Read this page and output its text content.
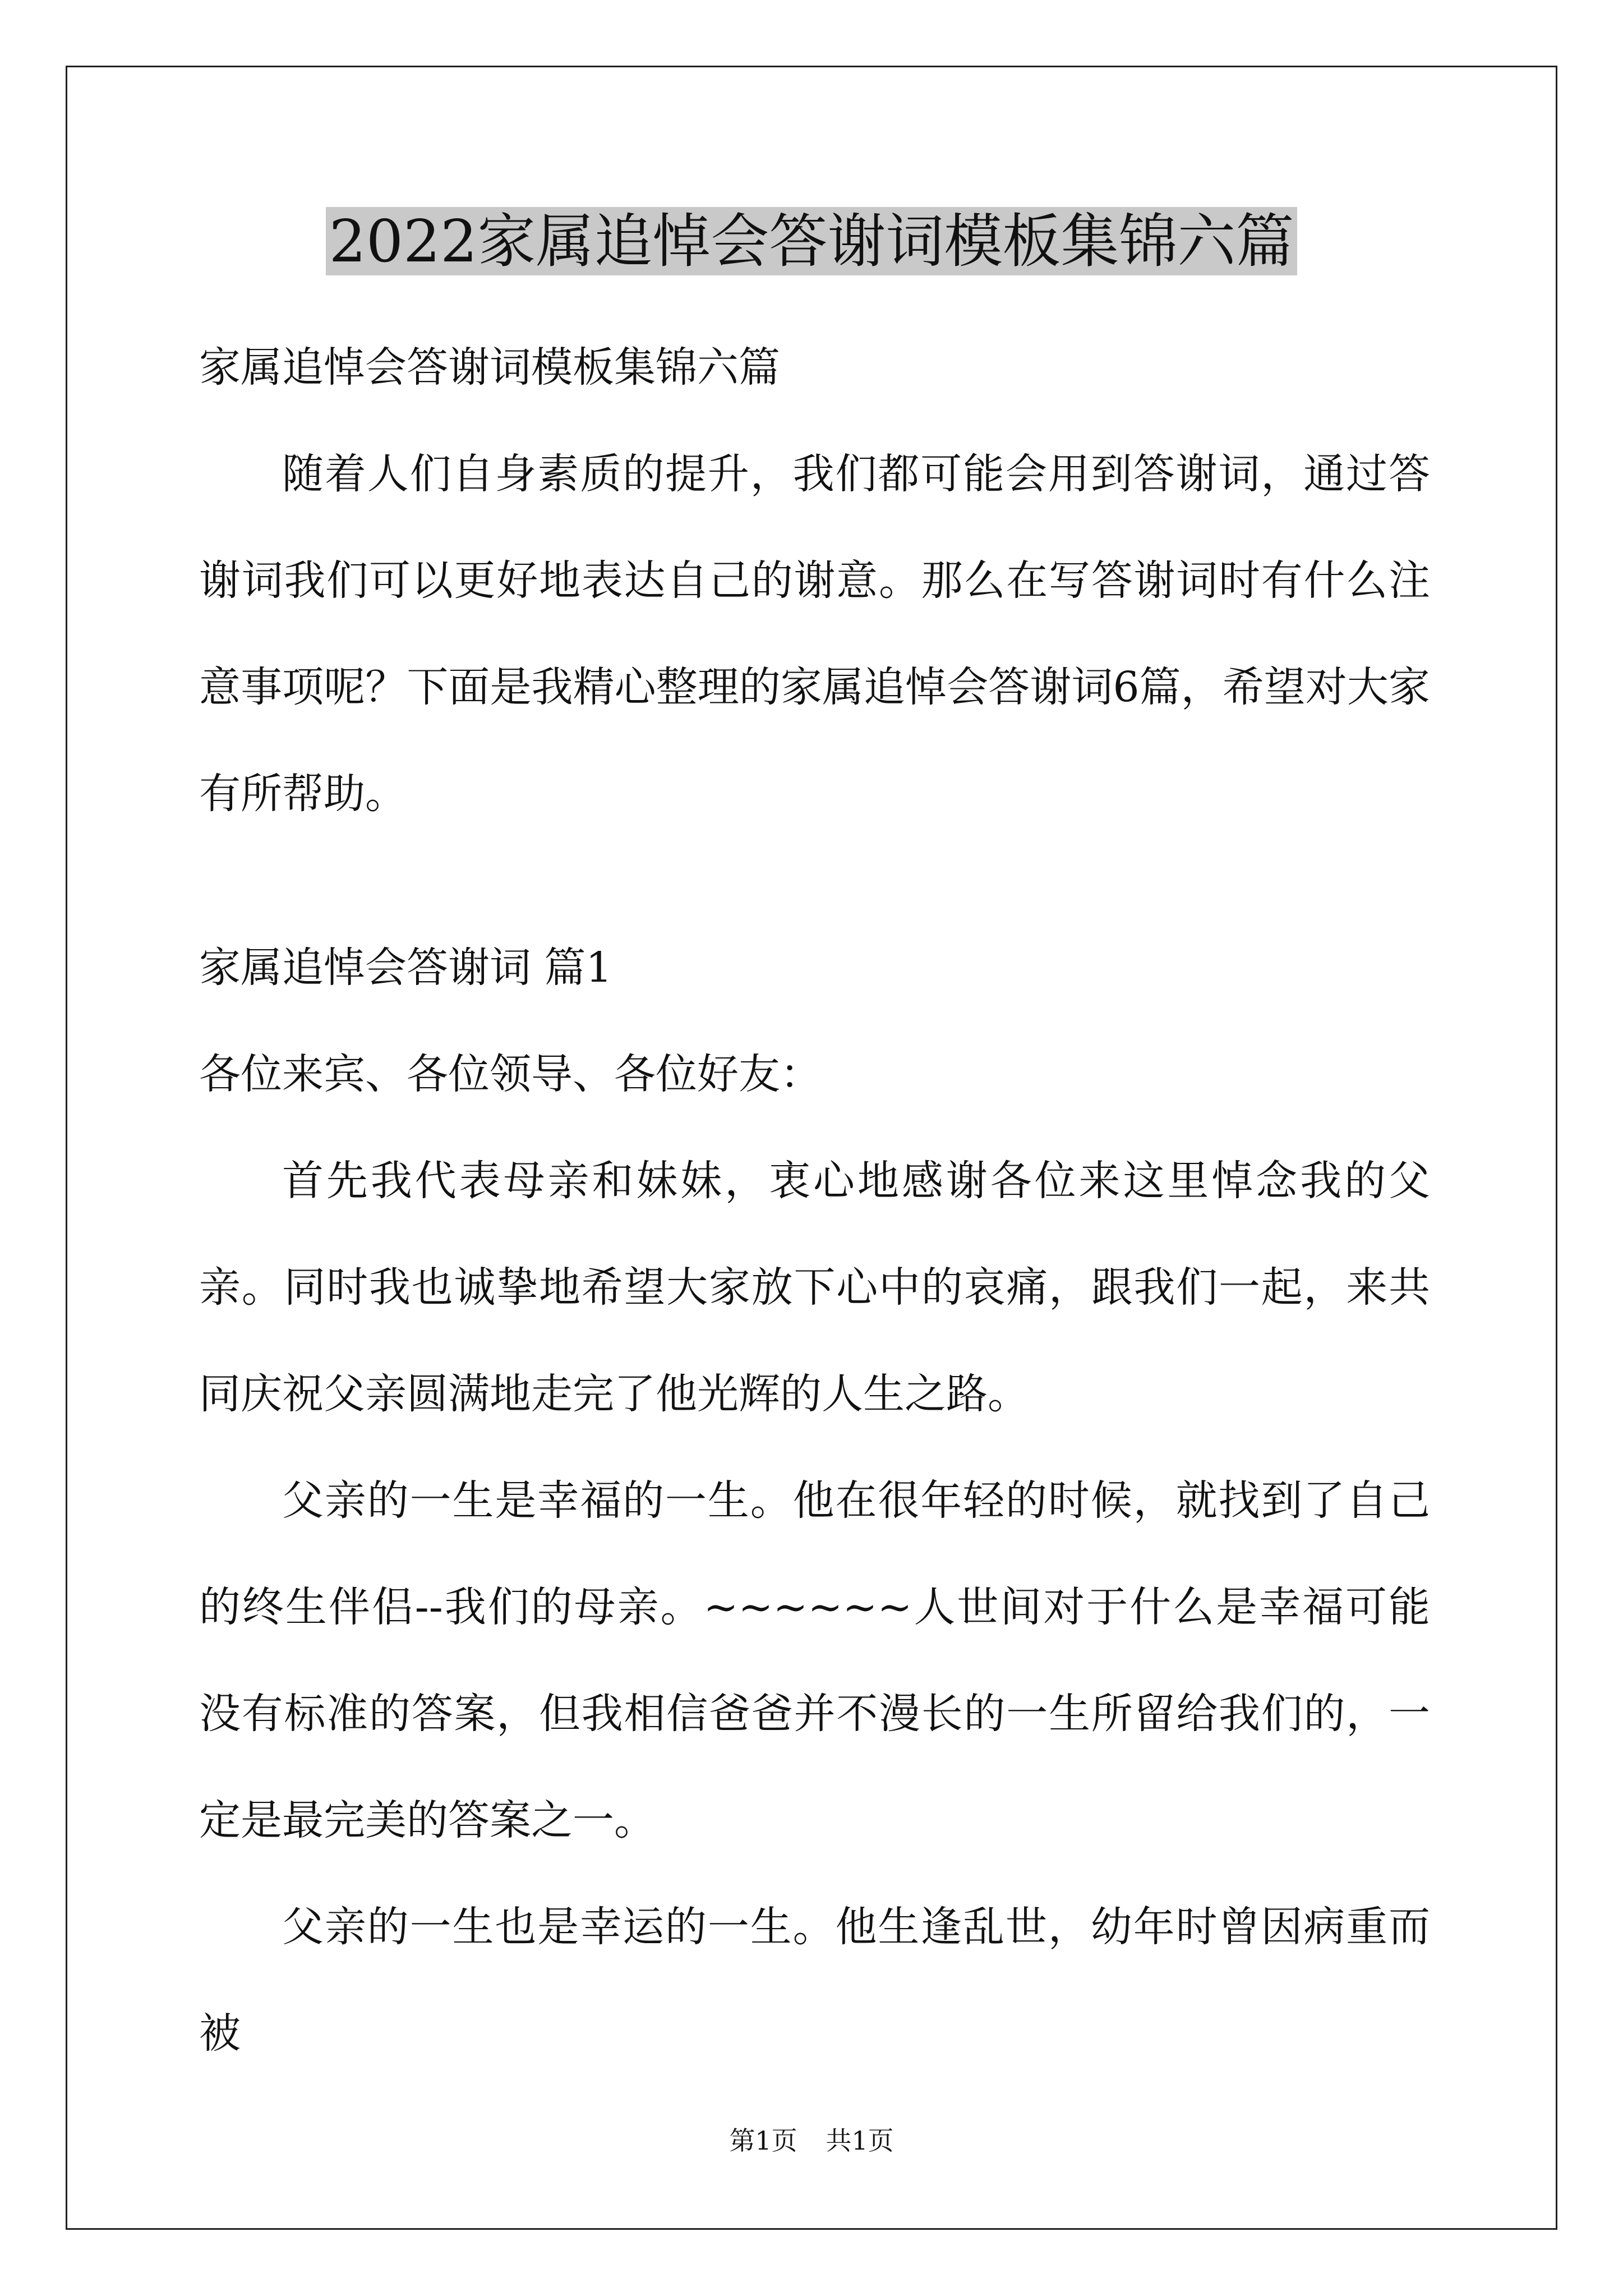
2022家属追悼会答谢词模板集锦六篇

家属追悼会答谢词模板集锦六篇

随着人们自身素质的提升，我们都可能会用到答谢词，通过答谢词我们可以更好地表达自己的谢意。那么在写答谢词时有什么注意事项呢？下面是我精心整理的家属追悼会答谢词6篇，希望对大家有所帮助。

家属追悼会答谢词 篇1

各位来宾、各位领导、各位好友：

首先我代表母亲和妹妹，衷心地感谢各位来这里悼念我的父亲。同时我也诚挚地希望大家放下心中的哀痛，跟我们一起，来共同庆祝父亲圆满地走完了他光辉的人生之路。

父亲的一生是幸福的一生。他在很年轻的时候，就找到了自己的终生伴侣--我们的母亲。~~~~~~人世间对于什么是幸福可能没有标准的答案，但我相信爸爸并不漫长的一生所留给我们的，一定是最完美的答案之一。

父亲的一生也是幸运的一生。他生逢乱世，幼年时曾因病重而被

第1页 共1页
